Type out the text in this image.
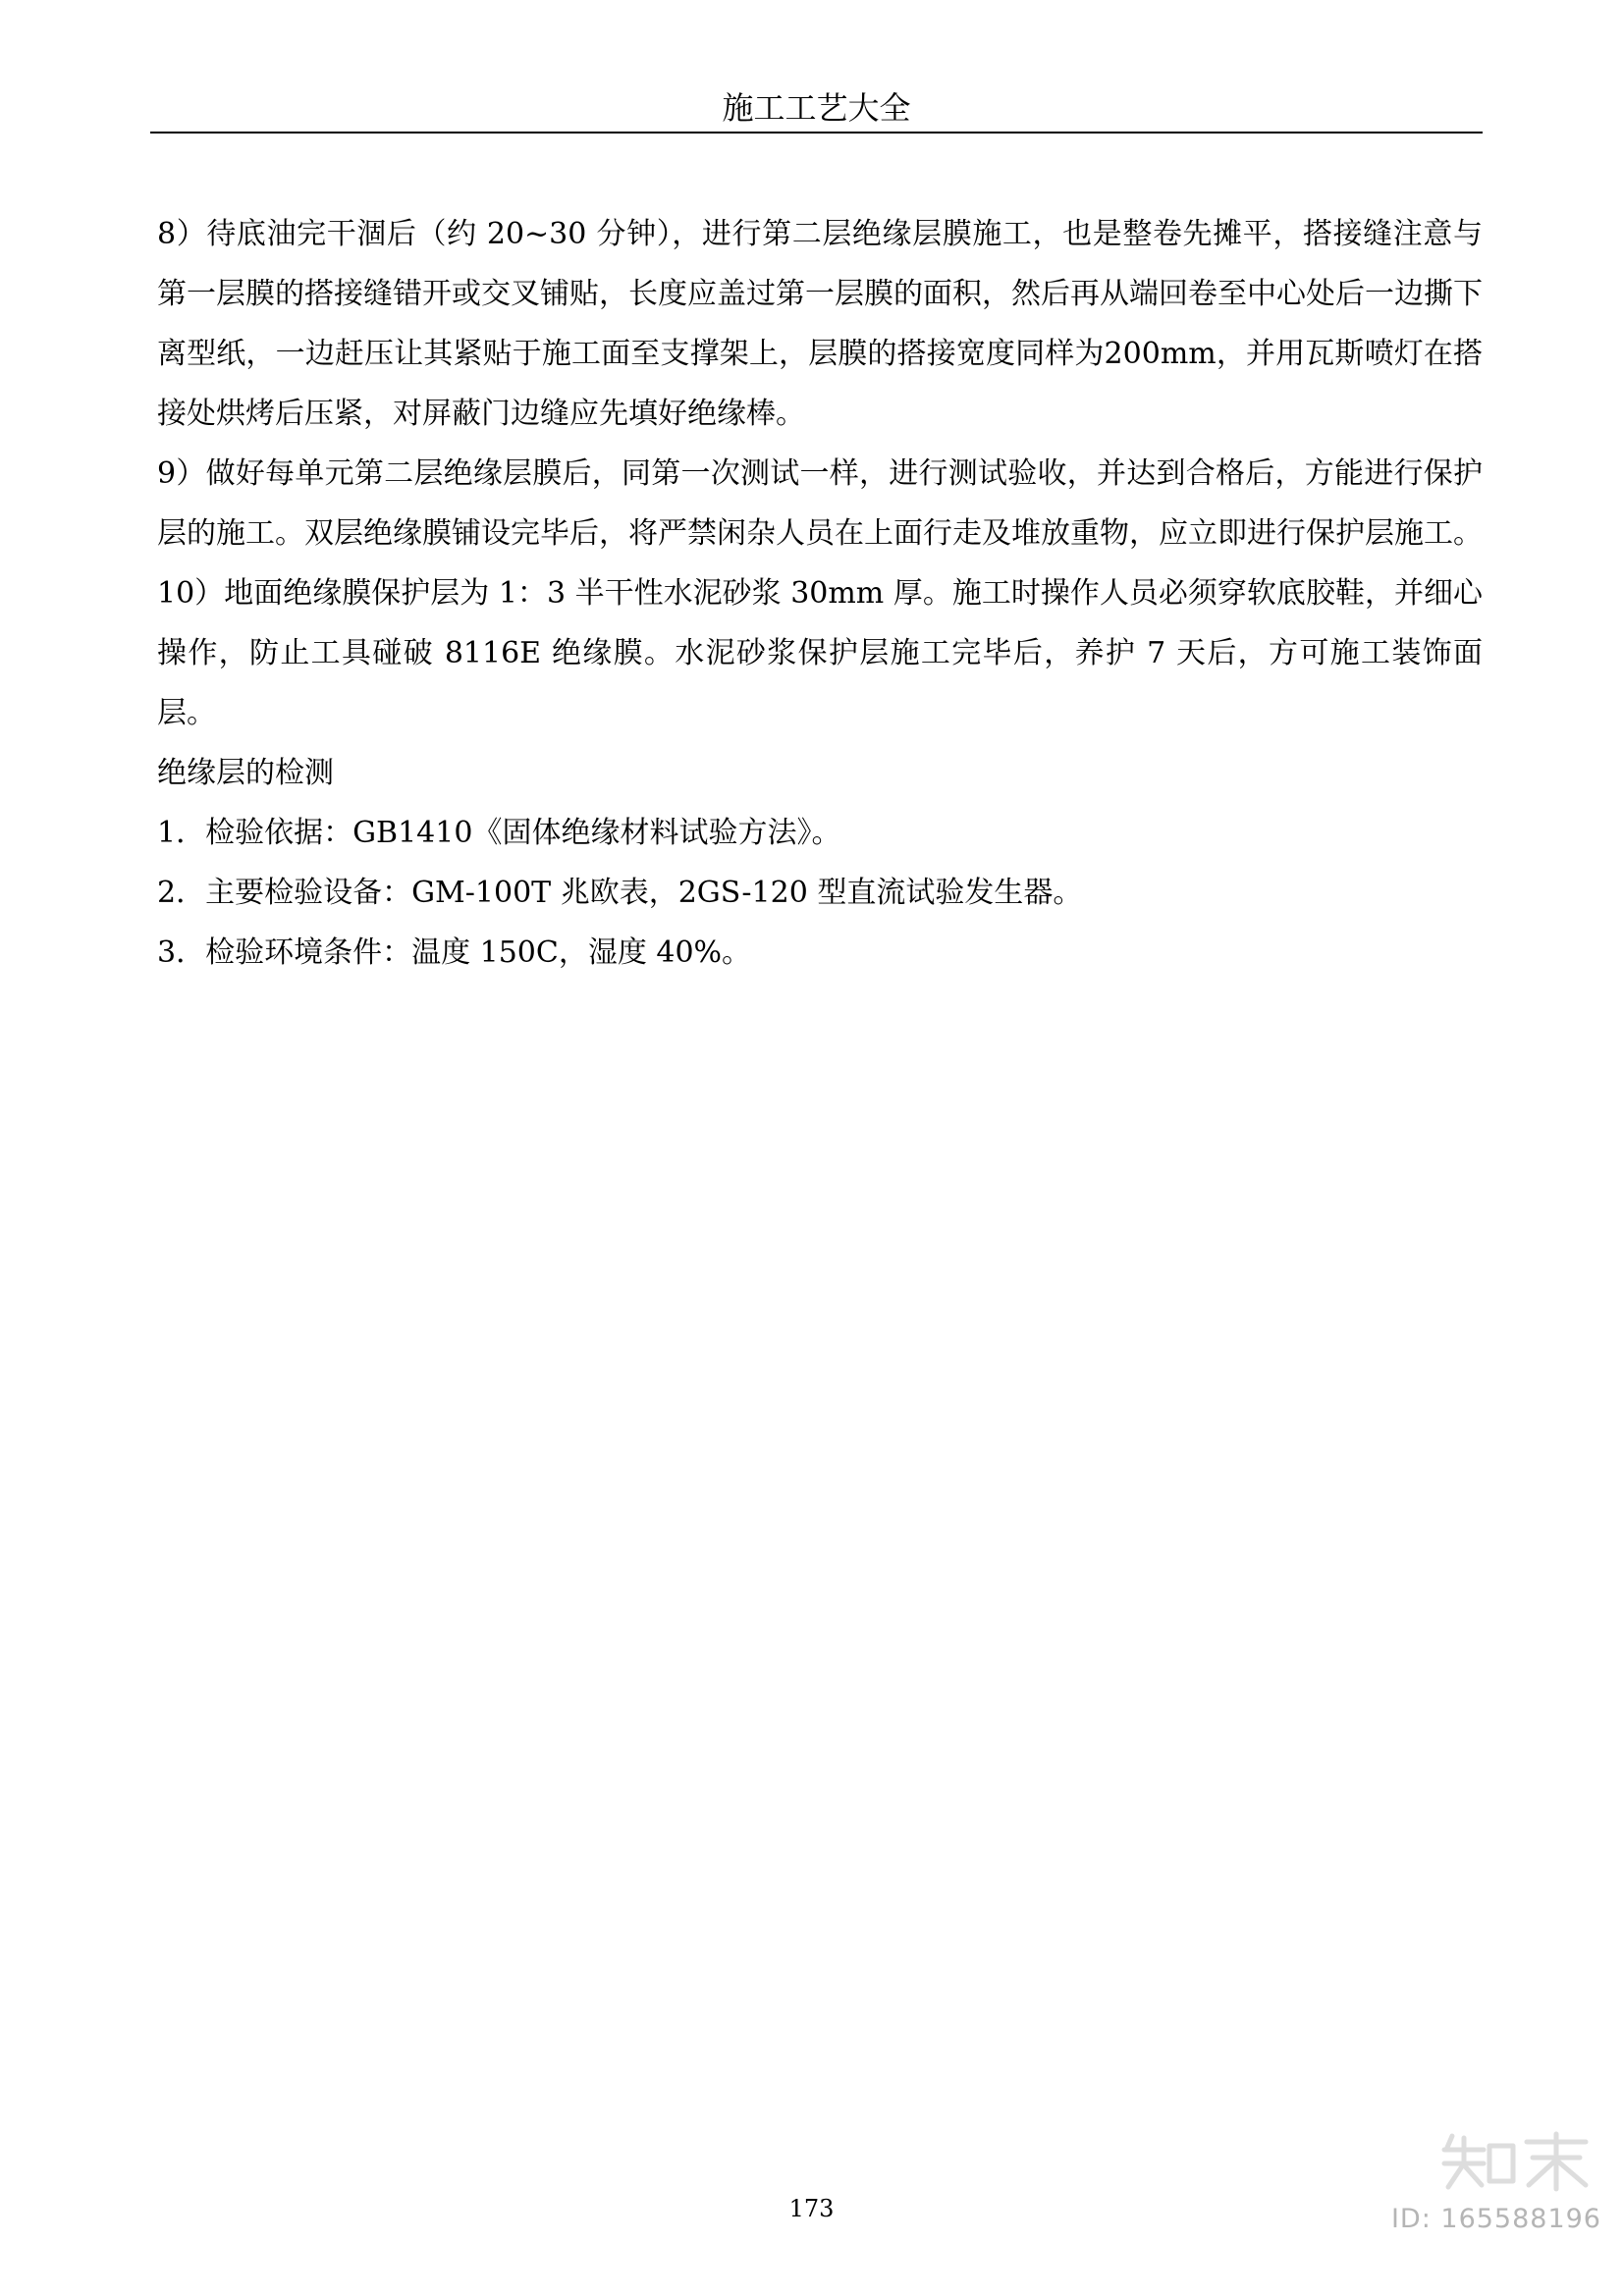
施工工艺大全

8）待底油完干涸后（约 20~30 分钟），进行第二层绝缘层膜施工，也是整卷先摊平，搭接缝注意与第一层膜的搭接缝错开或交叉铺贴，长度应盖过第一层膜的面积，然后再从端回卷至中心处后一边撕下离型纸，一边赶压让其紧贴于施工面至支撑架上，层膜的搭接宽度同样为200mm，并用瓦斯喷灯在搭接处烘烤后压紧，对屏蔽门边缝应先填好绝缘棒。

9）做好每单元第二层绝缘层膜后，同第一次测试一样，进行测试验收，并达到合格后，方能进行保护层的施工。双层绝缘膜铺设完毕后，将严禁闲杂人员在上面行走及堆放重物，应立即进行保护层施工。

10）地面绝缘膜保护层为 1：3 半干性水泥砂浆 30mm 厚。施工时操作人员必须穿软底胶鞋，并细心操作，防止工具碰破 8116E 绝缘膜。水泥砂浆保护层施工完毕后，养护 7 天后，方可施工装饰面层。

绝缘层的检测

1．检验依据：GB1410《固体绝缘材料试验方法》。

2．主要检验设备：GM-100T 兆欧表，2GS-120 型直流试验发生器。

3．检验环境条件：温度 150C，湿度 40%。

173	ID: 165588196
